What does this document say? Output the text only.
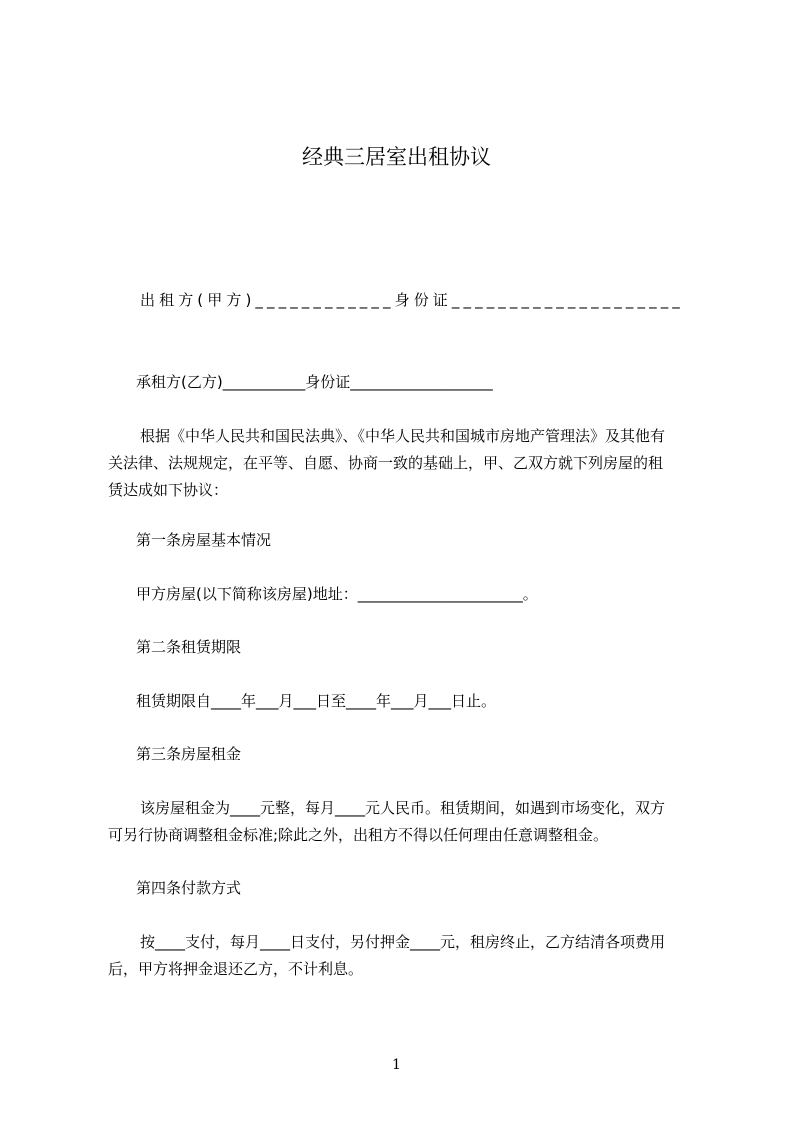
经典三居室出租协议
出租方(甲方)____________身份证____________________
承租方(乙方)___________身份证___________________
根据《中华人民共和国民法典》、《中华人民共和国城市房地产管理法》及其他有
关法律、法规规定，在平等、自愿、协商一致的基础上，甲、乙双方就下列房屋的租
赁达成如下协议：
第一条房屋基本情况
甲方房屋(以下简称该房屋)地址：______________________。
第二条租赁期限
租赁期限自____年___月___日至____年___月___日止。
第三条房屋租金
该房屋租金为____元整，每月____元人民币。租赁期间，如遇到市场变化，双方
可另行协商调整租金标准;除此之外，出租方不得以任何理由任意调整租金。
第四条付款方式
按____支付，每月____日支付，另付押金____元，租房终止，乙方结清各项费用
后，甲方将押金退还乙方，不计利息。
1
